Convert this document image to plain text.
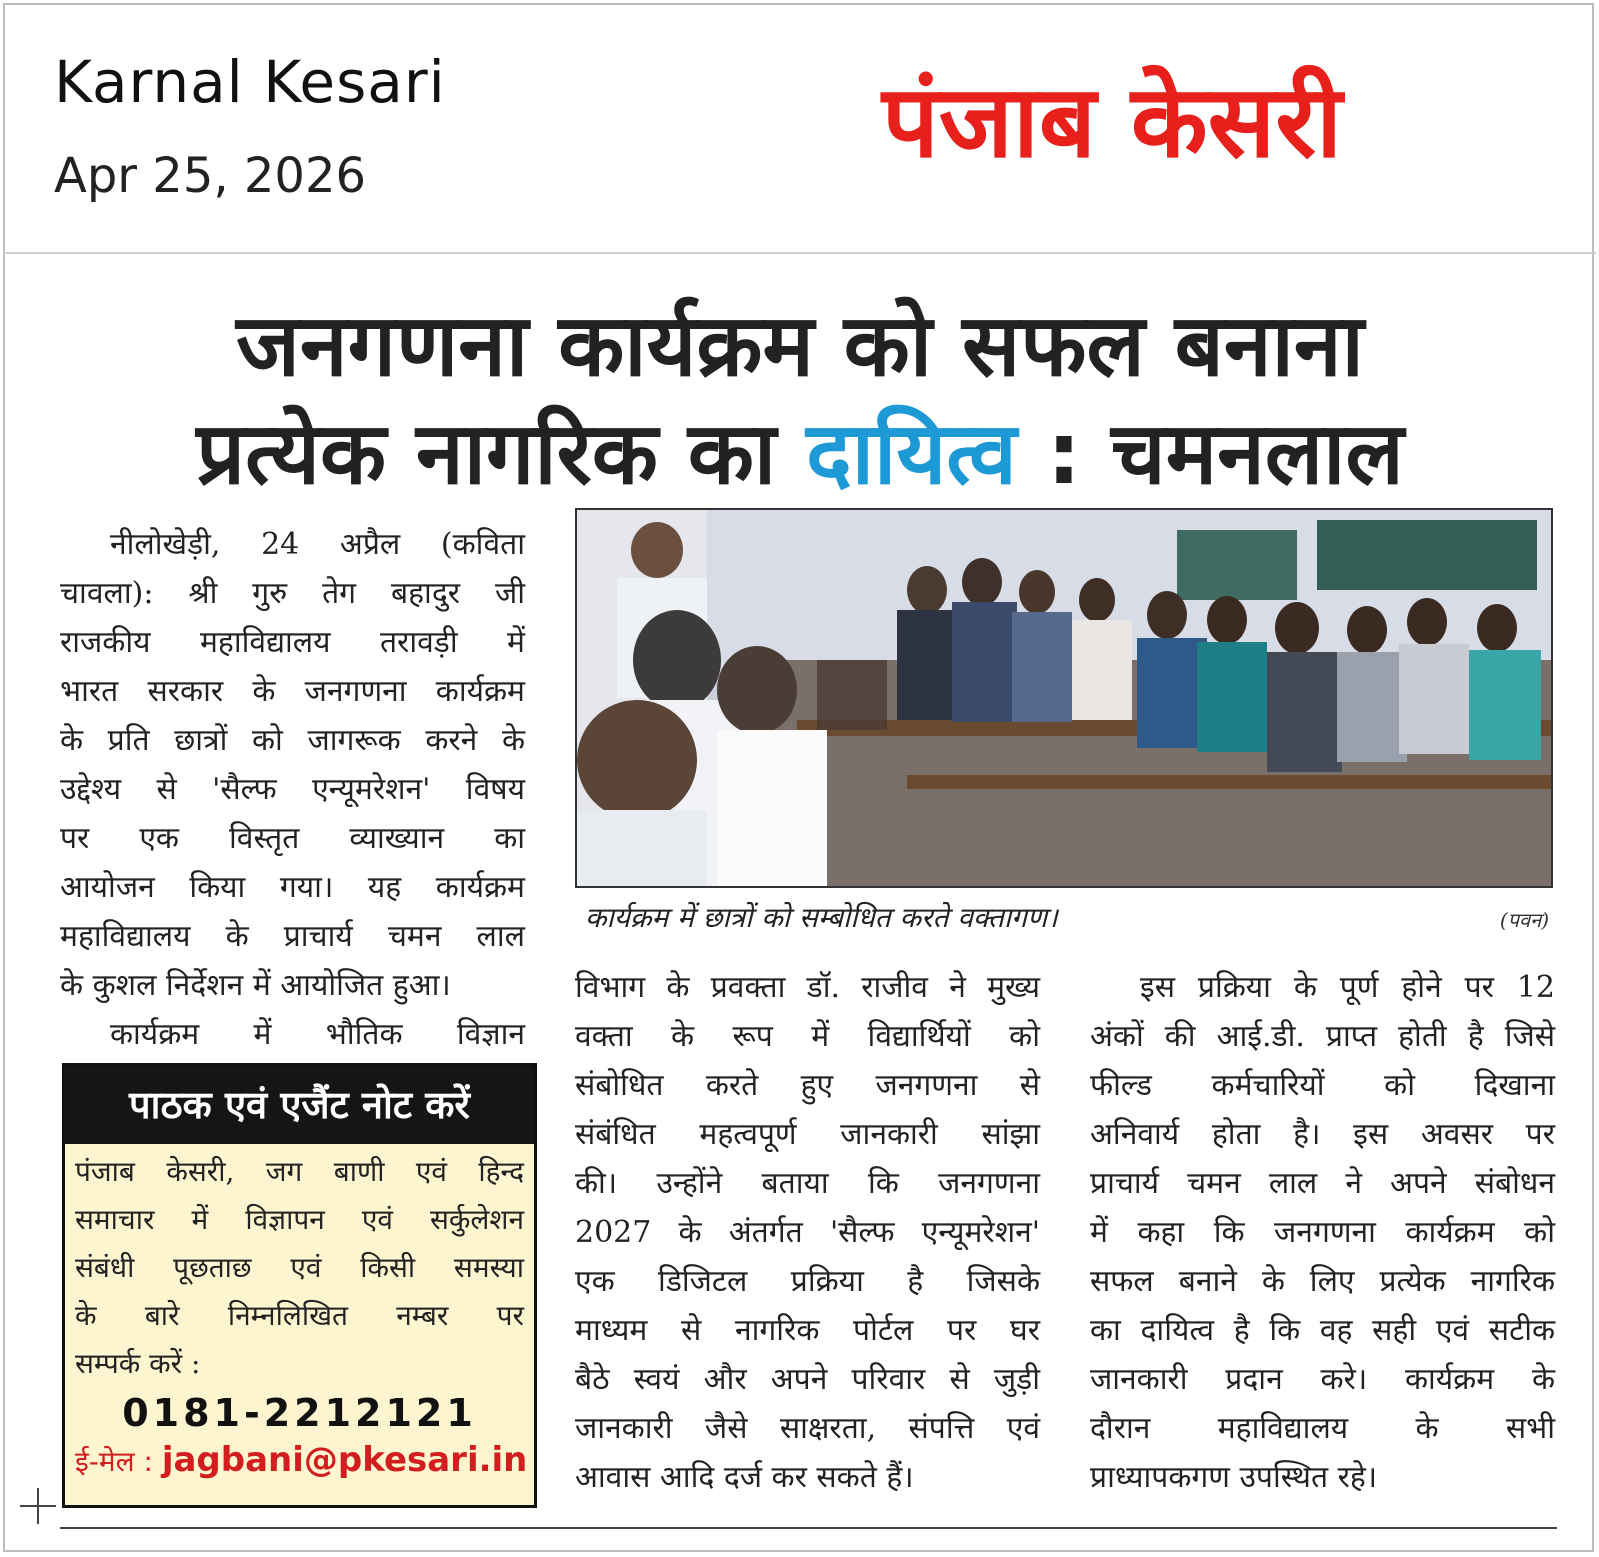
Karnal Kesari
Apr 25, 2026	पंजाब केसरी
जनगणना कार्यक्रम को सफल बनाना
प्रत्येक नागरिक का दायित्व : चमनलाल
नीलोखेड़ी, 24 अप्रैल (कविता
चावला): श्री गुरु तेग बहादुर जी
राजकीय महाविद्यालय तरावड़ी में
भारत सरकार के जनगणना कार्यक्रम
के प्रति छात्रों को जागरूक करने के
उद्देश्य से 'सैल्फ एन्यूमरेशन' विषय
पर एक विस्तृत व्याख्यान का
आयोजन किया गया। यह कार्यक्रम
महाविद्यालय के प्राचार्य चमन लाल
के कुशल निर्देशन में आयोजित हुआ।
कार्यक्रम में भौतिक विज्ञान
कार्यक्रम में छात्रों को सम्बोधित करते वक्तागण।	(पवन)
विभाग के प्रवक्ता डॉ. राजीव ने मुख्य
वक्ता के रूप में विद्यार्थियों को
संबोधित करते हुए जनगणना से
संबंधित महत्वपूर्ण जानकारी सांझा
की। उन्होंने बताया कि जनगणना
2027 के अंतर्गत 'सैल्फ एन्यूमरेशन'
एक डिजिटल प्रक्रिया है जिसके
माध्यम से नागरिक पोर्टल पर घर
बैठे स्वयं और अपने परिवार से जुड़ी
जानकारी जैसे साक्षरता, संपत्ति एवं
आवास आदि दर्ज कर सकते हैं।
इस प्रक्रिया के पूर्ण होने पर 12
अंकों की आई.डी. प्राप्त होती है जिसे
फील्ड कर्मचारियों को दिखाना
अनिवार्य होता है। इस अवसर पर
प्राचार्य चमन लाल ने अपने संबोधन
में कहा कि जनगणना कार्यक्रम को
सफल बनाने के लिए प्रत्येक नागरिक
का दायित्व है कि वह सही एवं सटीक
जानकारी प्रदान करे। कार्यक्रम के
दौरान महाविद्यालय के सभी
प्राध्यापकगण उपस्थित रहे।
पाठक एवं एजैंट नोट करें
पंजाब केसरी, जग बाणी एवं हिन्द
समाचार में विज्ञापन एवं सर्कुलेशन
संबंधी पूछताछ एवं किसी समस्या
के बारे निम्नलिखित नम्बर पर
सम्पर्क करें :
0181-2212121
ई-मेल : jagbani@pkesari.in
